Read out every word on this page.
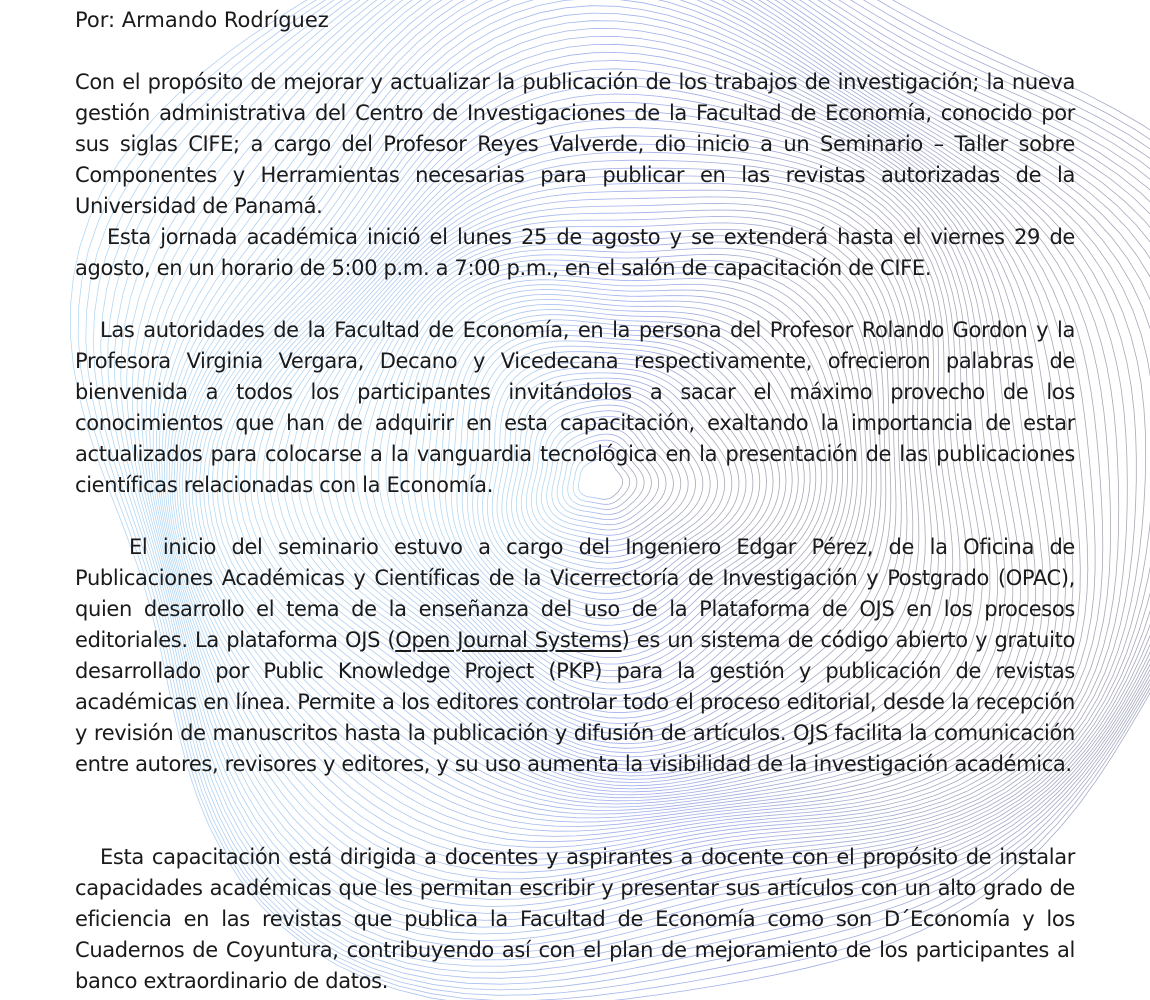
Por: Armando Rodríguez

Con el propósito de mejorar y actualizar la publicación de los trabajos de investigación; la nueva gestión administrativa del Centro de Investigaciones de la Facultad de Economía, conocido por sus siglas CIFE; a cargo del Profesor Reyes Valverde, dio inicio a un Seminario – Taller sobre Componentes y Herramientas necesarias para publicar en las revistas autorizadas de la Universidad de Panamá.

Esta jornada académica inició el lunes 25 de agosto y se extenderá hasta el viernes 29 de agosto, en un horario de 5:00 p.m. a 7:00 p.m., en el salón de capacitación de CIFE.

Las autoridades de la Facultad de Economía, en la persona del Profesor Rolando Gordon y la Profesora Virginia Vergara, Decano y Vicedecana respectivamente, ofrecieron palabras de bienvenida a todos los participantes invitándolos a sacar el máximo provecho de los conocimientos que han de adquirir en esta capacitación, exaltando la importancia de estar actualizados para colocarse a la vanguardia tecnológica en la presentación de las publicaciones científicas relacionadas con la Economía.

El inicio del seminario estuvo a cargo del Ingeniero Edgar Pérez, de la Oficina de Publicaciones Académicas y Científicas de la Vicerrectoría de Investigación y Postgrado (OPAC), quien desarrollo el tema de la enseñanza del uso de la Plataforma de OJS en los procesos editoriales. La plataforma OJS (Open Journal Systems) es un sistema de código abierto y gratuito desarrollado por Public Knowledge Project (PKP) para la gestión y publicación de revistas académicas en línea. Permite a los editores controlar todo el proceso editorial, desde la recepción y revisión de manuscritos hasta la publicación y difusión de artículos. OJS facilita la comunicación entre autores, revisores y editores, y su uso aumenta la visibilidad de la investigación académica.

Esta capacitación está dirigida a docentes y aspirantes a docente con el propósito de instalar capacidades académicas que les permitan escribir y presentar sus artículos con un alto grado de eficiencia en las revistas que publica la Facultad de Economía como son D´Economía y los Cuadernos de Coyuntura, contribuyendo así con el plan de mejoramiento de los participantes al banco extraordinario de datos.
